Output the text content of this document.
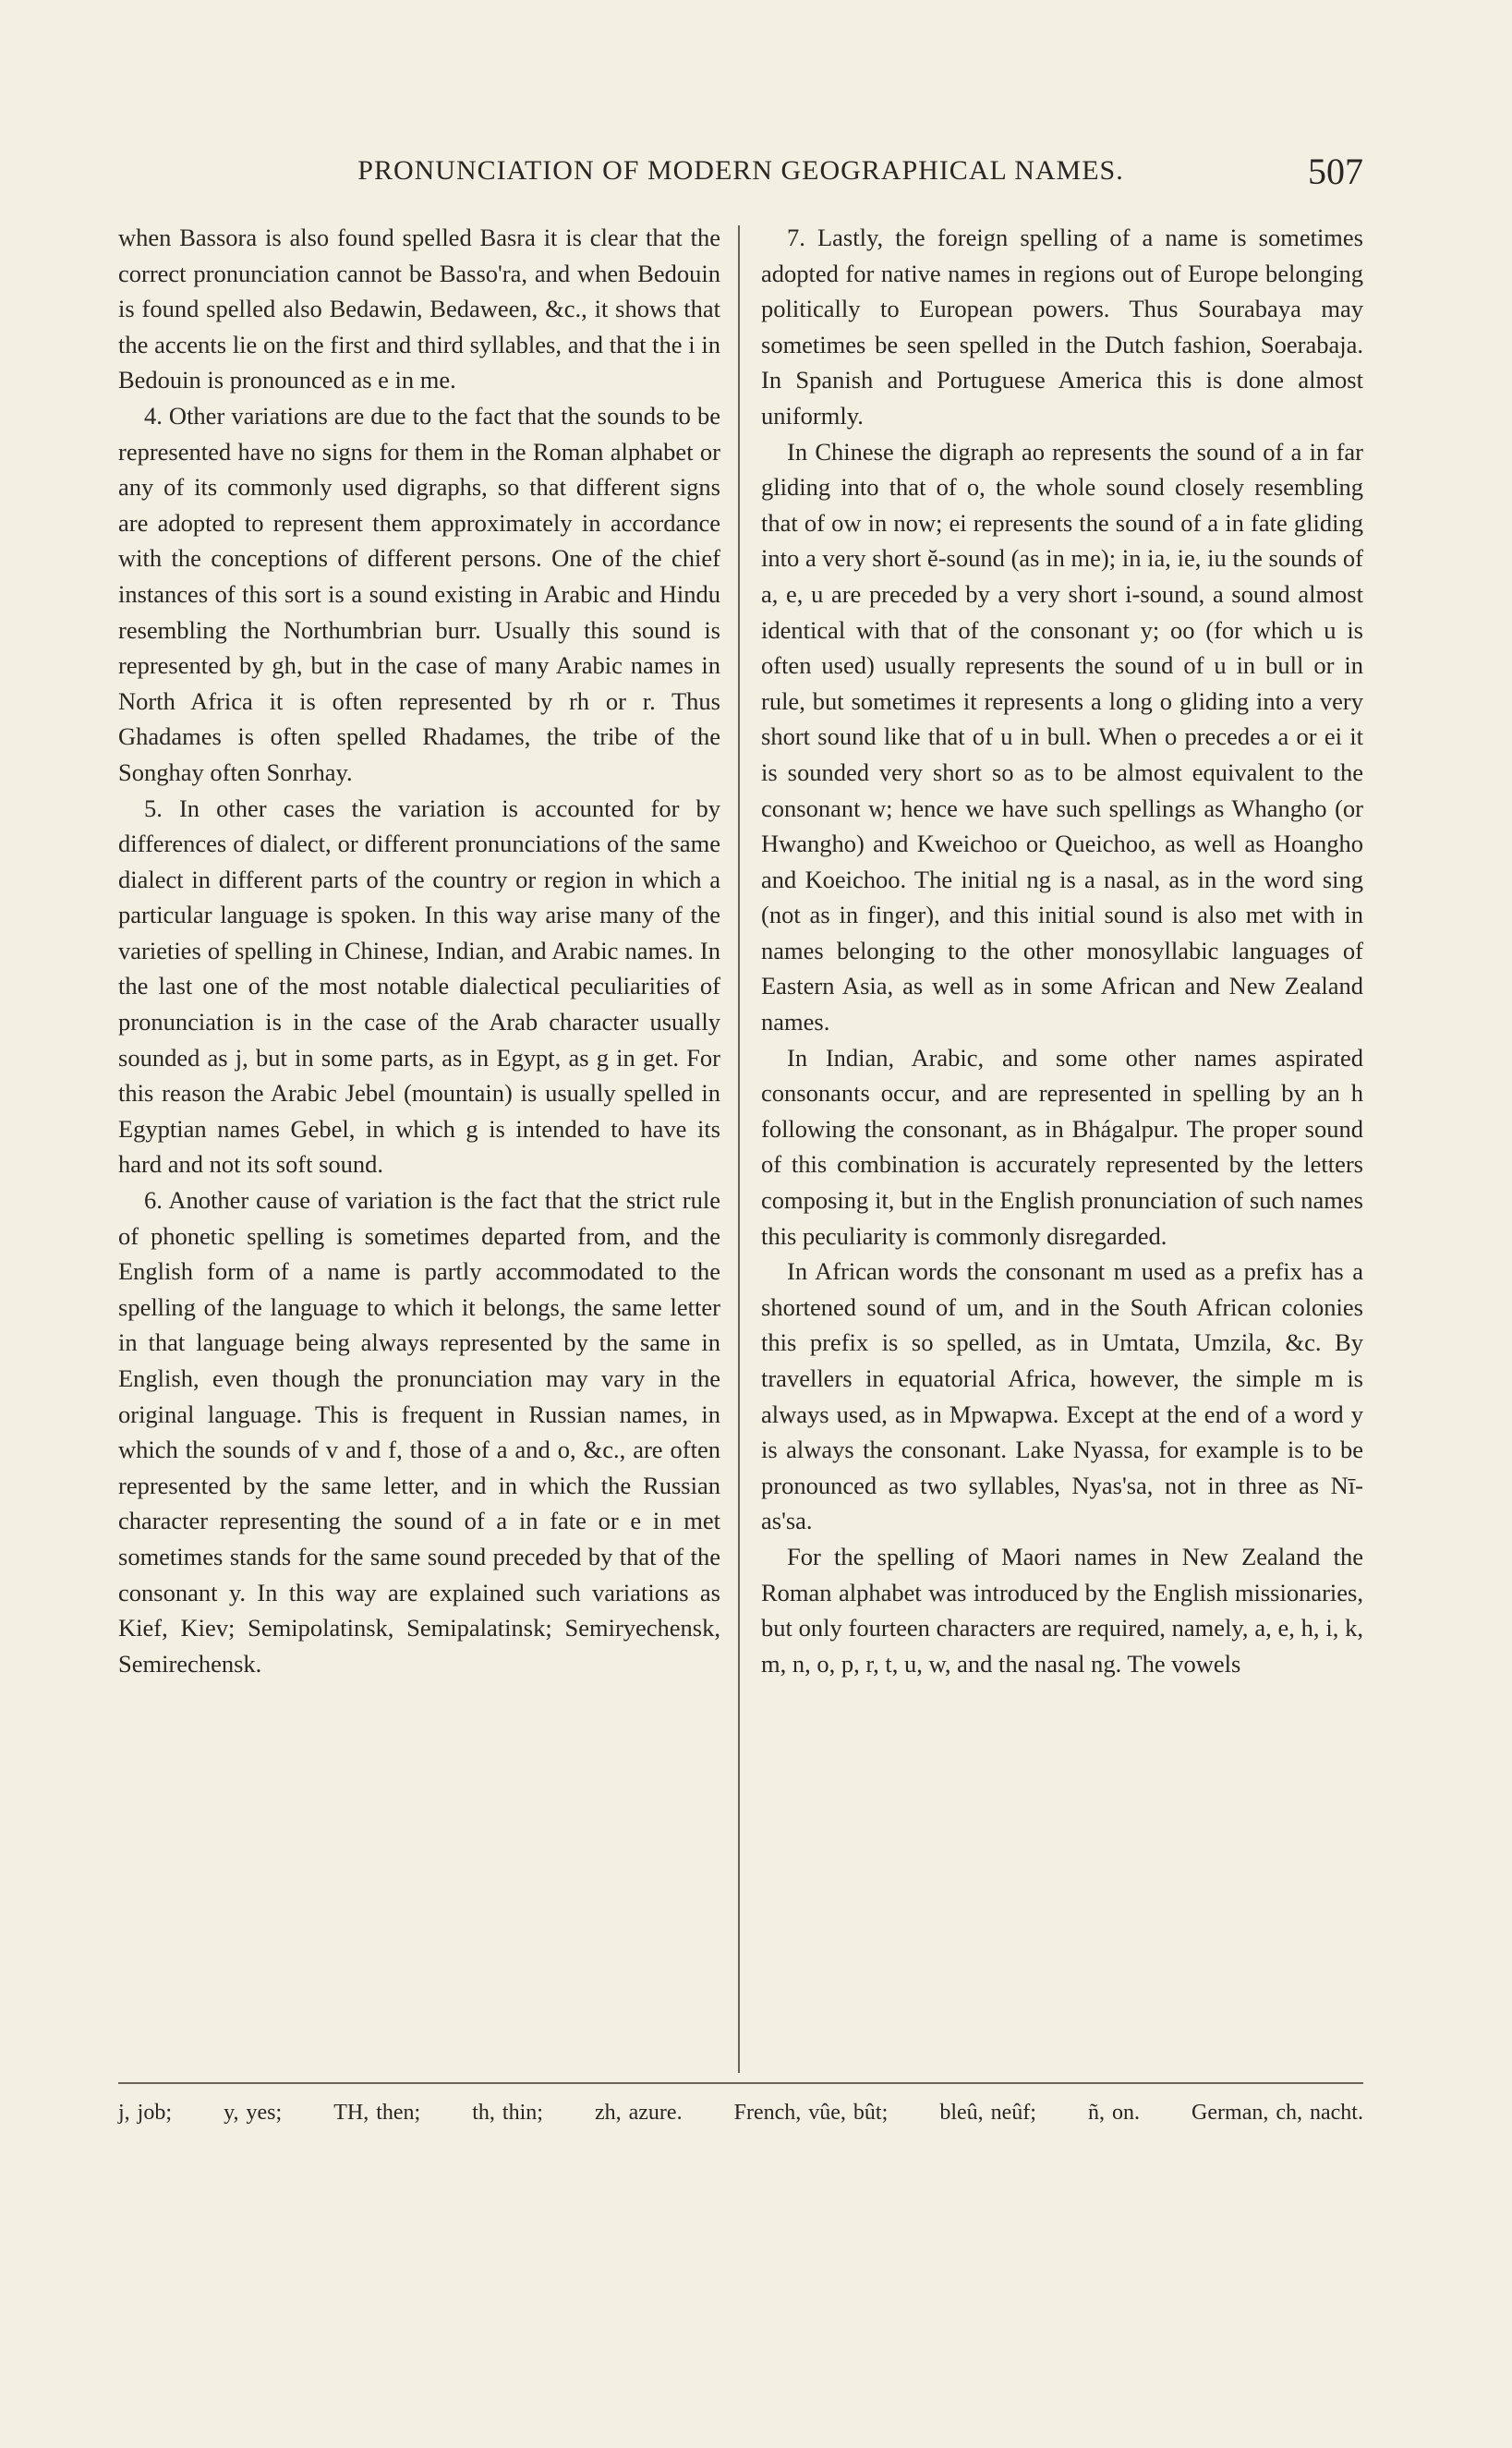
PRONUNCIATION OF MODERN GEOGRAPHICAL NAMES.	507

when Bassora is also found spelled Basra it is clear that the correct pronunciation cannot be Basso'ra, and when Bedouin is found spelled also Bedawin, Bedaween, &c., it shows that the accents lie on the first and third syllables, and that the i in Bedouin is pronounced as e in me.

4. Other variations are due to the fact that the sounds to be represented have no signs for them in the Roman alphabet or any of its commonly used digraphs, so that different signs are adopted to represent them approximately in accordance with the conceptions of different persons. One of the chief instances of this sort is a sound existing in Arabic and Hindu resembling the Northumbrian burr. Usually this sound is represented by gh, but in the case of many Arabic names in North Africa it is often represented by rh or r. Thus Ghadames is often spelled Rhadames, the tribe of the Songhay often Sonrhay.

5. In other cases the variation is accounted for by differences of dialect, or different pronunciations of the same dialect in different parts of the country or region in which a particular language is spoken. In this way arise many of the varieties of spelling in Chinese, Indian, and Arabic names. In the last one of the most notable dialectical peculiarities of pronunciation is in the case of the Arab character usually sounded as j, but in some parts, as in Egypt, as g in get. For this reason the Arabic Jebel (mountain) is usually spelled in Egyptian names Gebel, in which g is intended to have its hard and not its soft sound.

6. Another cause of variation is the fact that the strict rule of phonetic spelling is sometimes departed from, and the English form of a name is partly accommodated to the spelling of the language to which it belongs, the same letter in that language being always represented by the same in English, even though the pronunciation may vary in the original language. This is frequent in Russian names, in which the sounds of v and f, those of a and o, &c., are often represented by the same letter, and in which the Russian character representing the sound of a in fate or e in met sometimes stands for the same sound preceded by that of the consonant y. In this way are explained such variations as Kief, Kiev; Semipolatinsk, Semipalatinsk; Semiryechensk, Semirechensk.

7. Lastly, the foreign spelling of a name is sometimes adopted for native names in regions out of Europe belonging politically to European powers. Thus Sourabaya may sometimes be seen spelled in the Dutch fashion, Soerabaja. In Spanish and Portuguese America this is done almost uniformly.

In Chinese the digraph ao represents the sound of a in far gliding into that of o, the whole sound closely resembling that of ow in now; ei represents the sound of a in fate gliding into a very short ĕ-sound (as in me); in ia, ie, iu the sounds of a, e, u are preceded by a very short i-sound, a sound almost identical with that of the consonant y; oo (for which u is often used) usually represents the sound of u in bull or in rule, but sometimes it represents a long o gliding into a very short sound like that of u in bull. When o precedes a or ei it is sounded very short so as to be almost equivalent to the consonant w; hence we have such spellings as Whangho (or Hwangho) and Kweichoo or Queichoo, as well as Hoangho and Koeichoo. The initial ng is a nasal, as in the word sing (not as in finger), and this initial sound is also met with in names belonging to the other monosyllabic languages of Eastern Asia, as well as in some African and New Zealand names.

In Indian, Arabic, and some other names aspirated consonants occur, and are represented in spelling by an h following the consonant, as in Bhágalpur. The proper sound of this combination is accurately represented by the letters composing it, but in the English pronunciation of such names this peculiarity is commonly disregarded.

In African words the consonant m used as a prefix has a shortened sound of um, and in the South African colonies this prefix is so spelled, as in Umtata, Umzila, &c. By travellers in equatorial Africa, however, the simple m is always used, as in Mpwapwa. Except at the end of a word y is always the consonant. Lake Nyassa, for example is to be pronounced as two syllables, Nyas'sa, not in three as Nī-as'sa.

For the spelling of Maori names in New Zealand the Roman alphabet was introduced by the English missionaries, but only fourteen characters are required, namely, a, e, h, i, k, m, n, o, p, r, t, u, w, and the nasal ng. The vowels

j, job; y, yes; TH, then; th, thin; zh, azure. French, vûe, bût; bleû, neûf; ñ, on. German, ch, nacht.
